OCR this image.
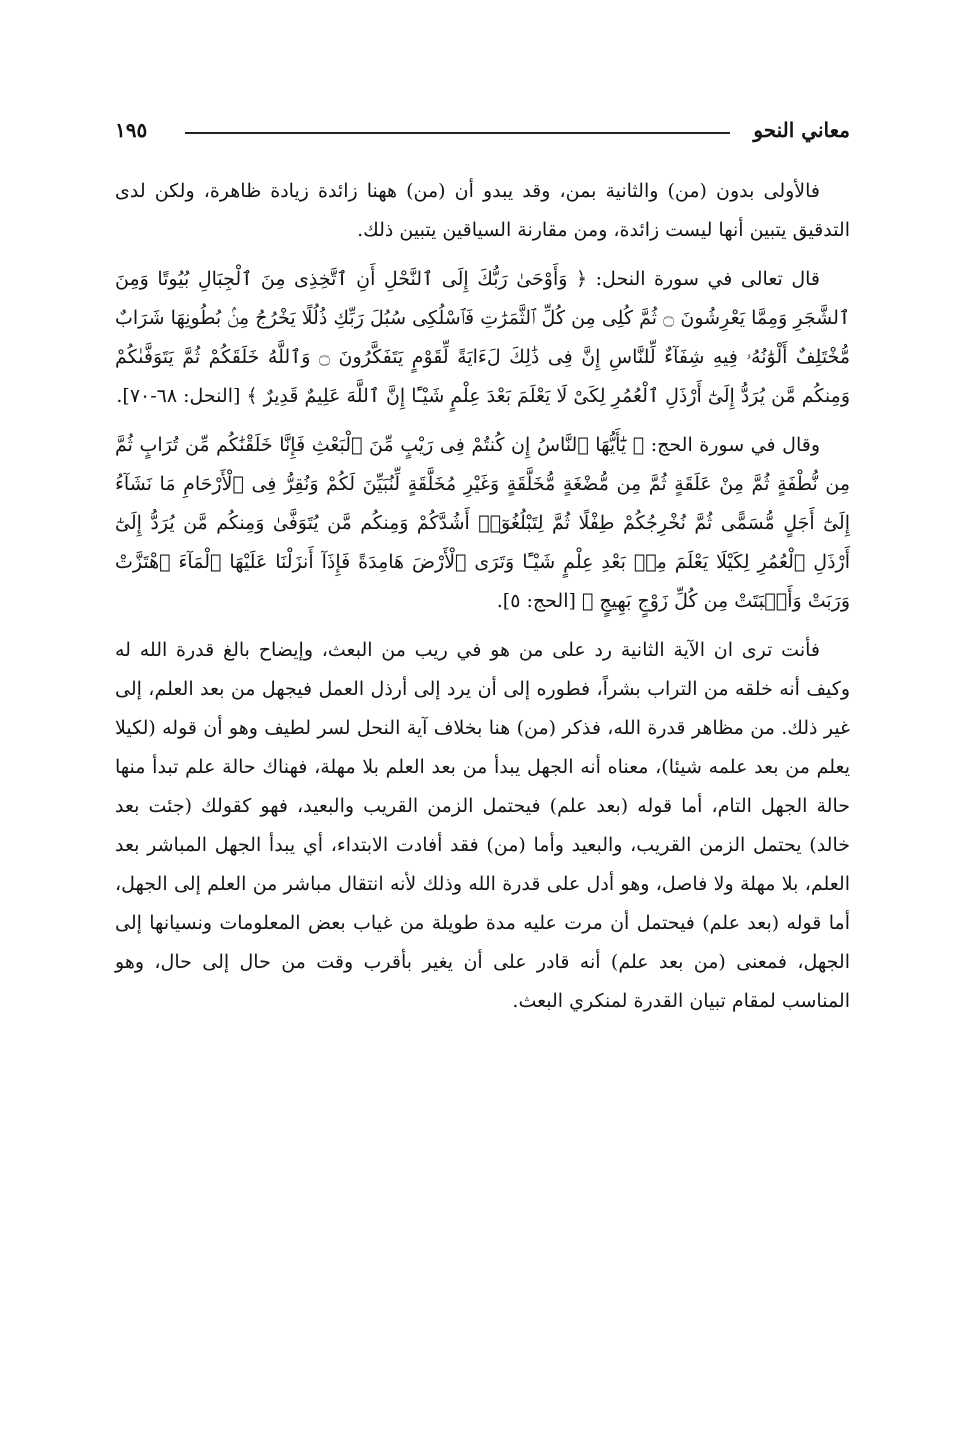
معاني النحو
١٩٥

فالأولى بدون (من) والثانية بمن، وقد يبدو أن (من) ههنا زائدة زيادة ظاهرة، ولكن لدى التدقيق يتبين أنها ليست زائدة، ومن مقارنة السياقين يتبين ذلك.

قال تعالى في سورة النحل: ﴿ وَأَوْحَىٰ رَبُّكَ إِلَى ٱلنَّحْلِ أَنِ ٱتَّخِذِى مِنَ ٱلْجِبَالِ بُيُوتًا وَمِنَ ٱلشَّجَرِ وَمِمَّا يَعْرِشُونَ ۝ ثُمَّ كُلِى مِن كُلِّ ٱلثَّمَرَٰتِ فَٱسْلُكِى سُبُلَ رَبِّكِ ذُلُلًا يَخْرُجُ مِنۢ بُطُونِهَا شَرَابٌ مُّخْتَلِفٌ أَلْوَٰنُهُۥ فِيهِ شِفَآءٌ لِّلنَّاسِ إِنَّ فِى ذَٰلِكَ لَءَايَةً لِّقَوْمٍ يَتَفَكَّرُونَ ۝ وَٱللَّهُ خَلَقَكُمْ ثُمَّ يَتَوَفَّىٰكُمْ وَمِنكُم مَّن يُرَدُّ إِلَىٰٓ أَرْذَلِ ٱلْعُمُرِ لِكَىْ لَا يَعْلَمَ بَعْدَ عِلْمٍ شَيْـًٔا إِنَّ ٱللَّهَ عَلِيمٌ قَدِيرٌ ﴾ [النحل: ٦٨-٧٠].

وقال في سورة الحج: ﴿ يَٰٓأَيُّهَا ٱلنَّاسُ إِن كُنتُمْ فِى رَيْبٍ مِّنَ ٱلْبَعْثِ فَإِنَّا خَلَقْنَٰكُم مِّن تُرَابٍ ثُمَّ مِن نُّطْفَةٍ ثُمَّ مِنْ عَلَقَةٍ ثُمَّ مِن مُّضْغَةٍ مُّخَلَّقَةٍ وَغَيْرِ مُخَلَّقَةٍ لِّنُبَيِّنَ لَكُمْ وَنُقِرُّ فِى ٱلْأَرْحَامِ مَا نَشَآءُ إِلَىٰٓ أَجَلٍ مُّسَمًّى ثُمَّ نُخْرِجُكُمْ طِفْلًا ثُمَّ لِتَبْلُغُوٓا۟ أَشُدَّكُمْ وَمِنكُم مَّن يُتَوَفَّىٰ وَمِنكُم مَّن يُرَدُّ إِلَىٰٓ أَرْذَلِ ٱلْعُمُرِ لِكَيْلَا يَعْلَمَ مِنۢ بَعْدِ عِلْمٍ شَيْـًٔا وَتَرَى ٱلْأَرْضَ هَامِدَةً فَإِذَآ أَنزَلْنَا عَلَيْهَا ٱلْمَآءَ ٱهْتَزَّتْ وَرَبَتْ وَأَنۢبَتَتْ مِن كُلِّ زَوْجٍ بَهِيجٍ ﴾ [الحج: ٥].

فأنت ترى ان الآية الثانية رد على من هو في ريب من البعث، وإيضاح بالغ قدرة الله له وكيف أنه خلقه من التراب بشراً، فطوره إلى أن يرد إلى أرذل العمل فيجهل من بعد العلم، إلى غير ذلك. من مظاهر قدرة الله، فذكر (من) هنا بخلاف آية النحل لسر لطيف وهو أن قوله (لكيلا يعلم من بعد علمه شيئا)، معناه أنه الجهل يبدأ من بعد العلم بلا مهلة، فهناك حالة علم تبدأ منها حالة الجهل التام، أما قوله (بعد علم) فيحتمل الزمن القريب والبعيد، فهو كقولك (جئت بعد خالد) يحتمل الزمن القريب، والبعيد وأما (من) فقد أفادت الابتداء، أي يبدأ الجهل المباشر بعد العلم، بلا مهلة ولا فاصل، وهو أدل على قدرة الله وذلك لأنه انتقال مباشر من العلم إلى الجهل، أما قوله (بعد علم) فيحتمل أن مرت عليه مدة طويلة من غياب بعض المعلومات ونسيانها إلى الجهل، فمعنى (من بعد علم) أنه قادر على أن يغير بأقرب وقت من حال إلى حال، وهو المناسب لمقام تبيان القدرة لمنكري البعث.
